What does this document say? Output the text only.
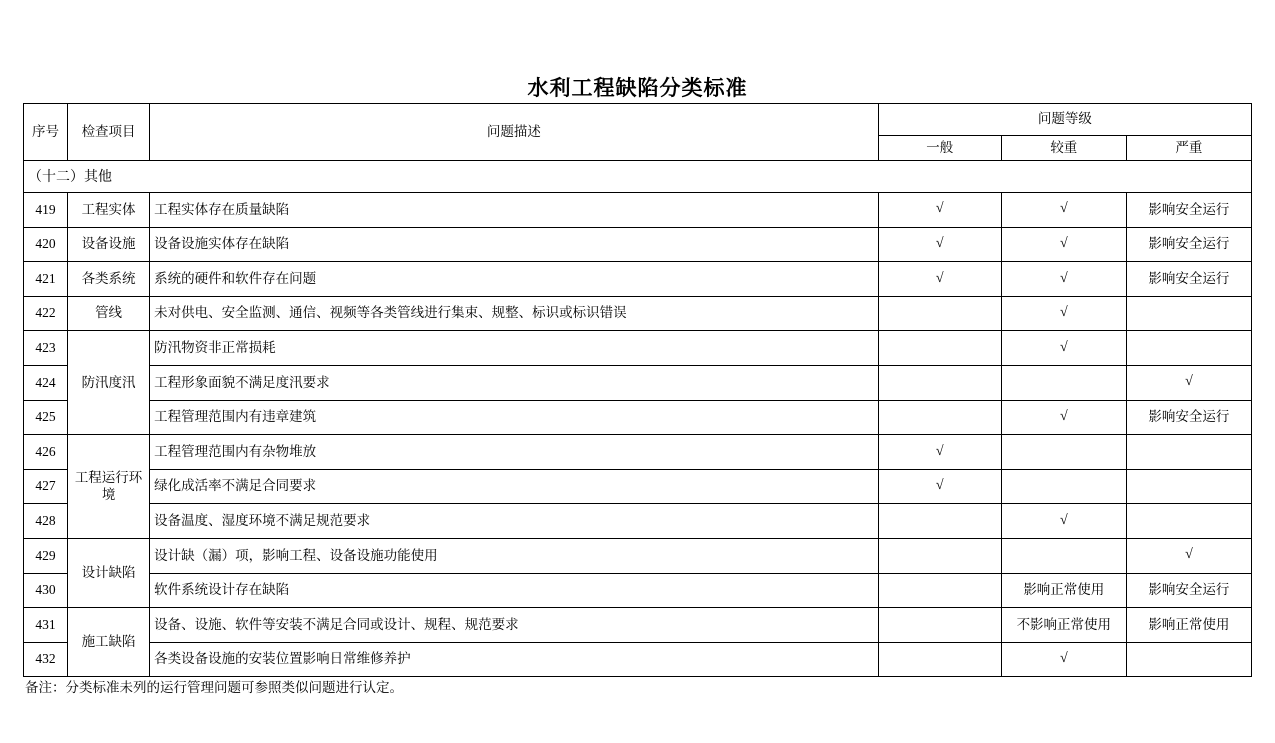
水利工程缺陷分类标准
序号	检查项目	问题描述	问题等级		
			一般	较重	严重
（十二）其他					
419	工程实体	工程实体存在质量缺陷	√	√	影响安全运行
420	设备设施	设备设施实体存在缺陷	√	√	影响安全运行
421	各类系统	系统的硬件和软件存在问题	√	√	影响安全运行
422	管线	未对供电、安全监测、通信、视频等各类管线进行集束、规整、标识或标识错误		√	
423	防汛度汛	防汛物资非正常损耗		√	
424		工程形象面貌不满足度汛要求			√
425		工程管理范围内有违章建筑		√	影响安全运行
426	工程运行环境	工程管理范围内有杂物堆放	√		
427		绿化成活率不满足合同要求	√		
428		设备温度、湿度环境不满足规范要求		√	
429	设计缺陷	设计缺（漏）项，影响工程、设备设施功能使用			√
430		软件系统设计存在缺陷		影响正常使用	影响安全运行
431	施工缺陷	设备、设施、软件等安装不满足合同或设计、规程、规范要求		不影响正常使用	影响正常使用
432		各类设备设施的安装位置影响日常维修养护		√	
备注：分类标准未列的运行管理问题可参照类似问题进行认定。
